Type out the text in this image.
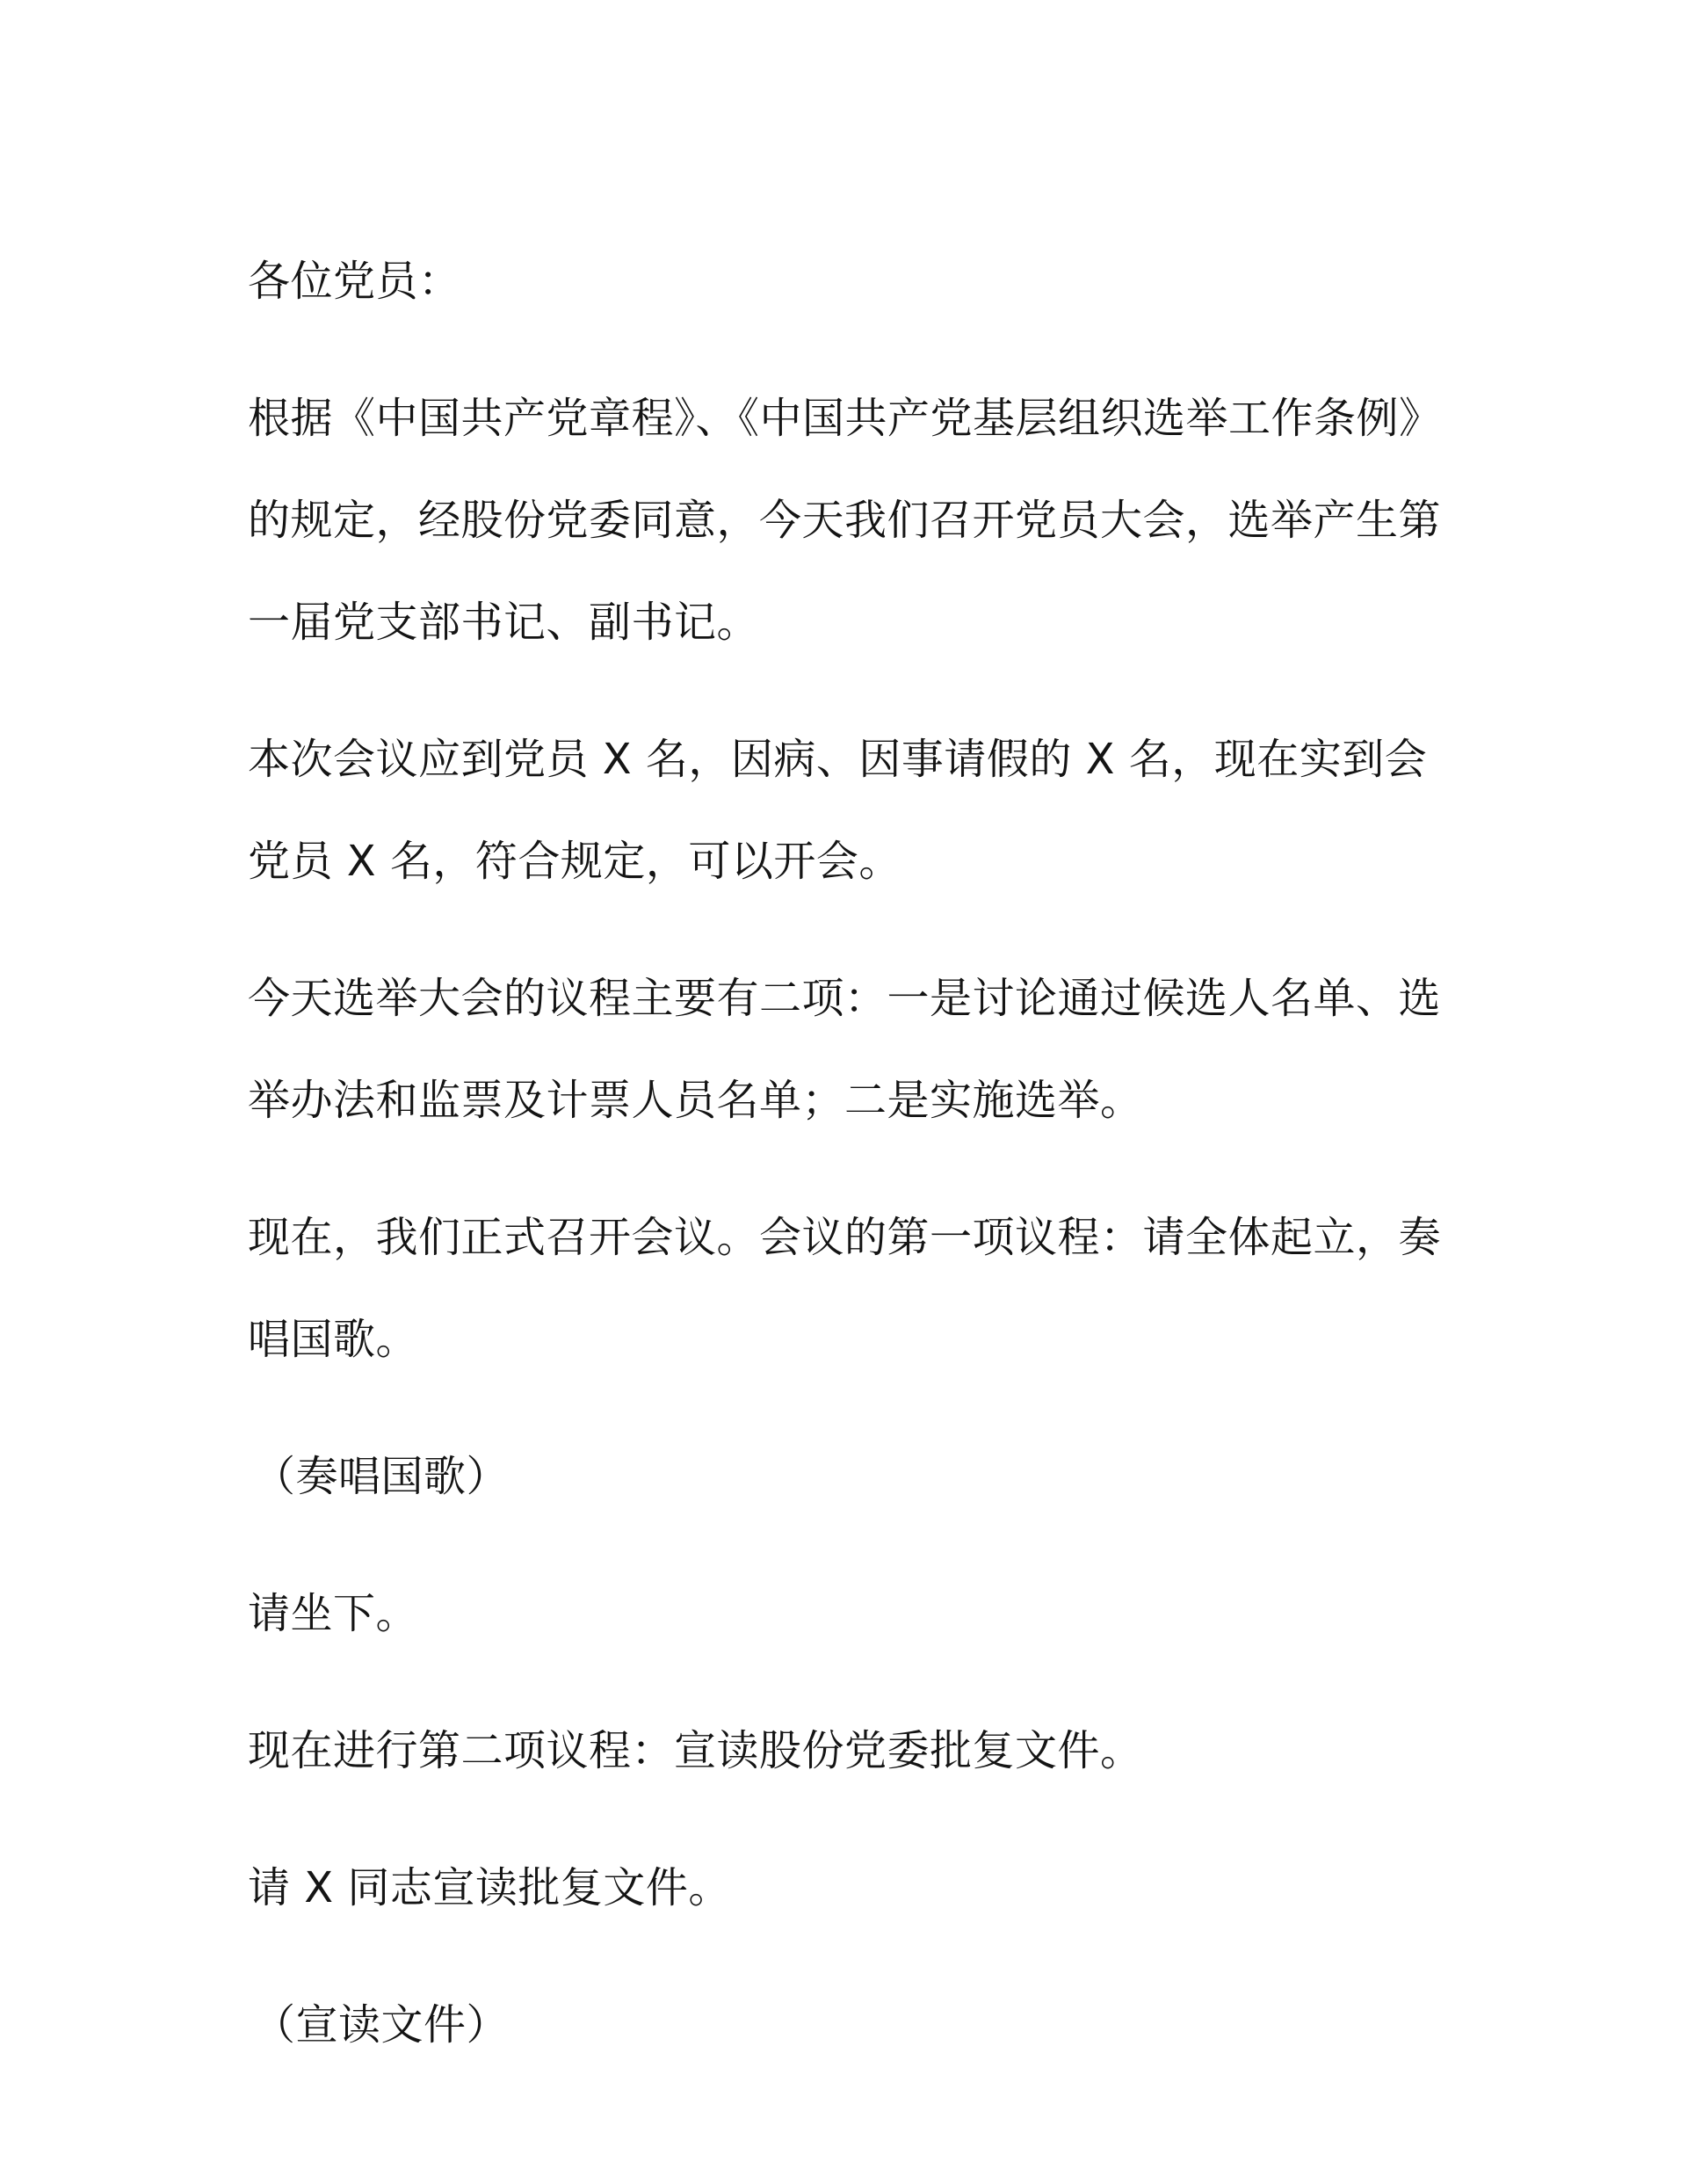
各位党员：

根据《中国共产党章程》、《中国共产党基层组织选举工作条例》的规定，经股份党委同意，今天我们召开党员大会，选举产生第一届党支部书记、副书记。

本次会议应到党员 X 名，因病、因事请假的 X 名，现在实到会党员 X 名，符合规定，可以开会。

今天选举大会的议程主要有二项：一是讨论通过候选人名单、选举办法和监票及计票人员名单；二是实施选举。

现在，我们正式召开会议。会议的第一项议程：请全体起立，奏唱国歌。

（奏唱国歌）

请坐下。

现在进行第二项议程：宣读股份党委批复文件。

请 X 同志宣读批复文件。

（宣读文件）
